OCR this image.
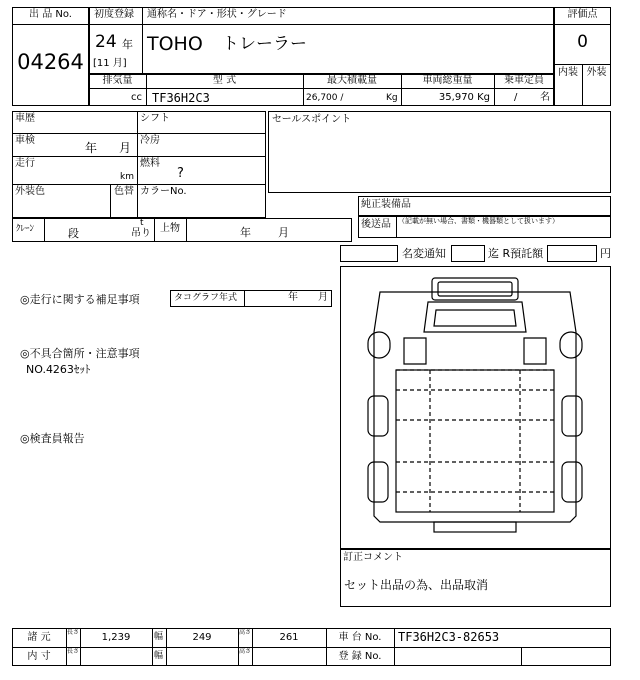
出 品 No.
04264
初度登録 通称名・ドア・形状・グレード
24 年
[11 月]
TOHO トレーラー
評価点
0
内装 外装
排気量	型 式	最大積載量	車両総重量	乗車定員
cc TF36H2C3	26,700 /	Kg	35,970 Kg / 名
車歴	シフト
車検
年 月
冷房
走行
km
燃料
?
外装色	色替 カラーNo.
セールスポイント
純正装備品
後送品 （記載が無い場合、書類・機器類として扱います）
ｸﾚｰﾝ	段
t
吊り 上物	年 月
名変通知	迄 R預託額	円
◎走行に関する補足事項	タコグラフ年式	年 月
◎不具合箇所・注意事項
NO.4263ｾｯﾄ
◎検査員報告
訂正コメント
セット出品の為、出品取消
諸 元	長さ	1,239	幅	249	高さ	261	車 台 No.	TF36H2C3-82653
内 寸	長さ	幅	高さ	登 録 No.
